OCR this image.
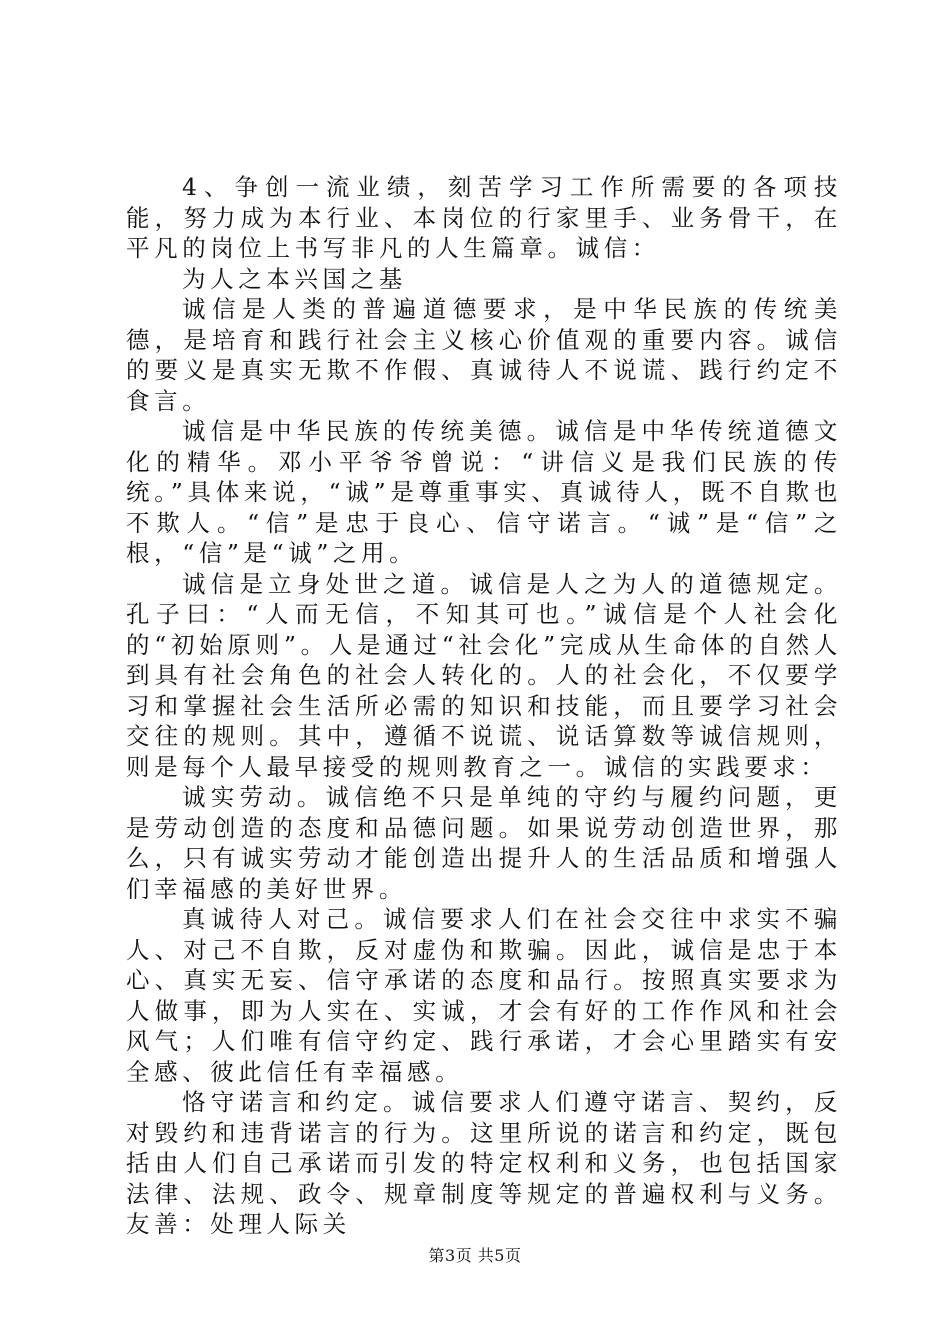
4、争创一流业绩，刻苦学习工作所需要的各项技能，努力成为本行业、本岗位的行家里手、业务骨干，在平凡的岗位上书写非凡的人生篇章。诚信：

为人之本兴国之基

诚信是人类的普遍道德要求，是中华民族的传统美德，是培育和践行社会主义核心价值观的重要内容。诚信的要义是真实无欺不作假、真诚待人不说谎、践行约定不食言。

诚信是中华民族的传统美德。诚信是中华传统道德文化的精华。邓小平爷爷曾说：“讲信义是我们民族的传统。”具体来说，“诚”是尊重事实、真诚待人，既不自欺也不欺人。“信”是忠于良心、信守诺言。“诚”是“信”之根，“信”是“诚”之用。

诚信是立身处世之道。诚信是人之为人的道德规定。孔子曰：“人而无信，不知其可也。”诚信是个人社会化的“初始原则”。人是通过“社会化”完成从生命体的自然人到具有社会角色的社会人转化的。人的社会化，不仅要学习和掌握社会生活所必需的知识和技能，而且要学习社会交往的规则。其中，遵循不说谎、说话算数等诚信规则，则是每个人最早接受的规则教育之一。诚信的实践要求：

诚实劳动。诚信绝不只是单纯的守约与履约问题，更是劳动创造的态度和品德问题。如果说劳动创造世界，那么，只有诚实劳动才能创造出提升人的生活品质和增强人们幸福感的美好世界。

真诚待人对己。诚信要求人们在社会交往中求实不骗人、对己不自欺，反对虚伪和欺骗。因此，诚信是忠于本心、真实无妄、信守承诺的态度和品行。按照真实要求为人做事，即为人实在、实诚，才会有好的工作作风和社会风气；人们唯有信守约定、践行承诺，才会心里踏实有安全感、彼此信任有幸福感。

恪守诺言和约定。诚信要求人们遵守诺言、契约，反对毁约和违背诺言的行为。这里所说的诺言和约定，既包括由人们自己承诺而引发的特定权利和义务，也包括国家法律、法规、政令、规章制度等规定的普遍权利与义务。友善：处理人际关

第3页 共5页
